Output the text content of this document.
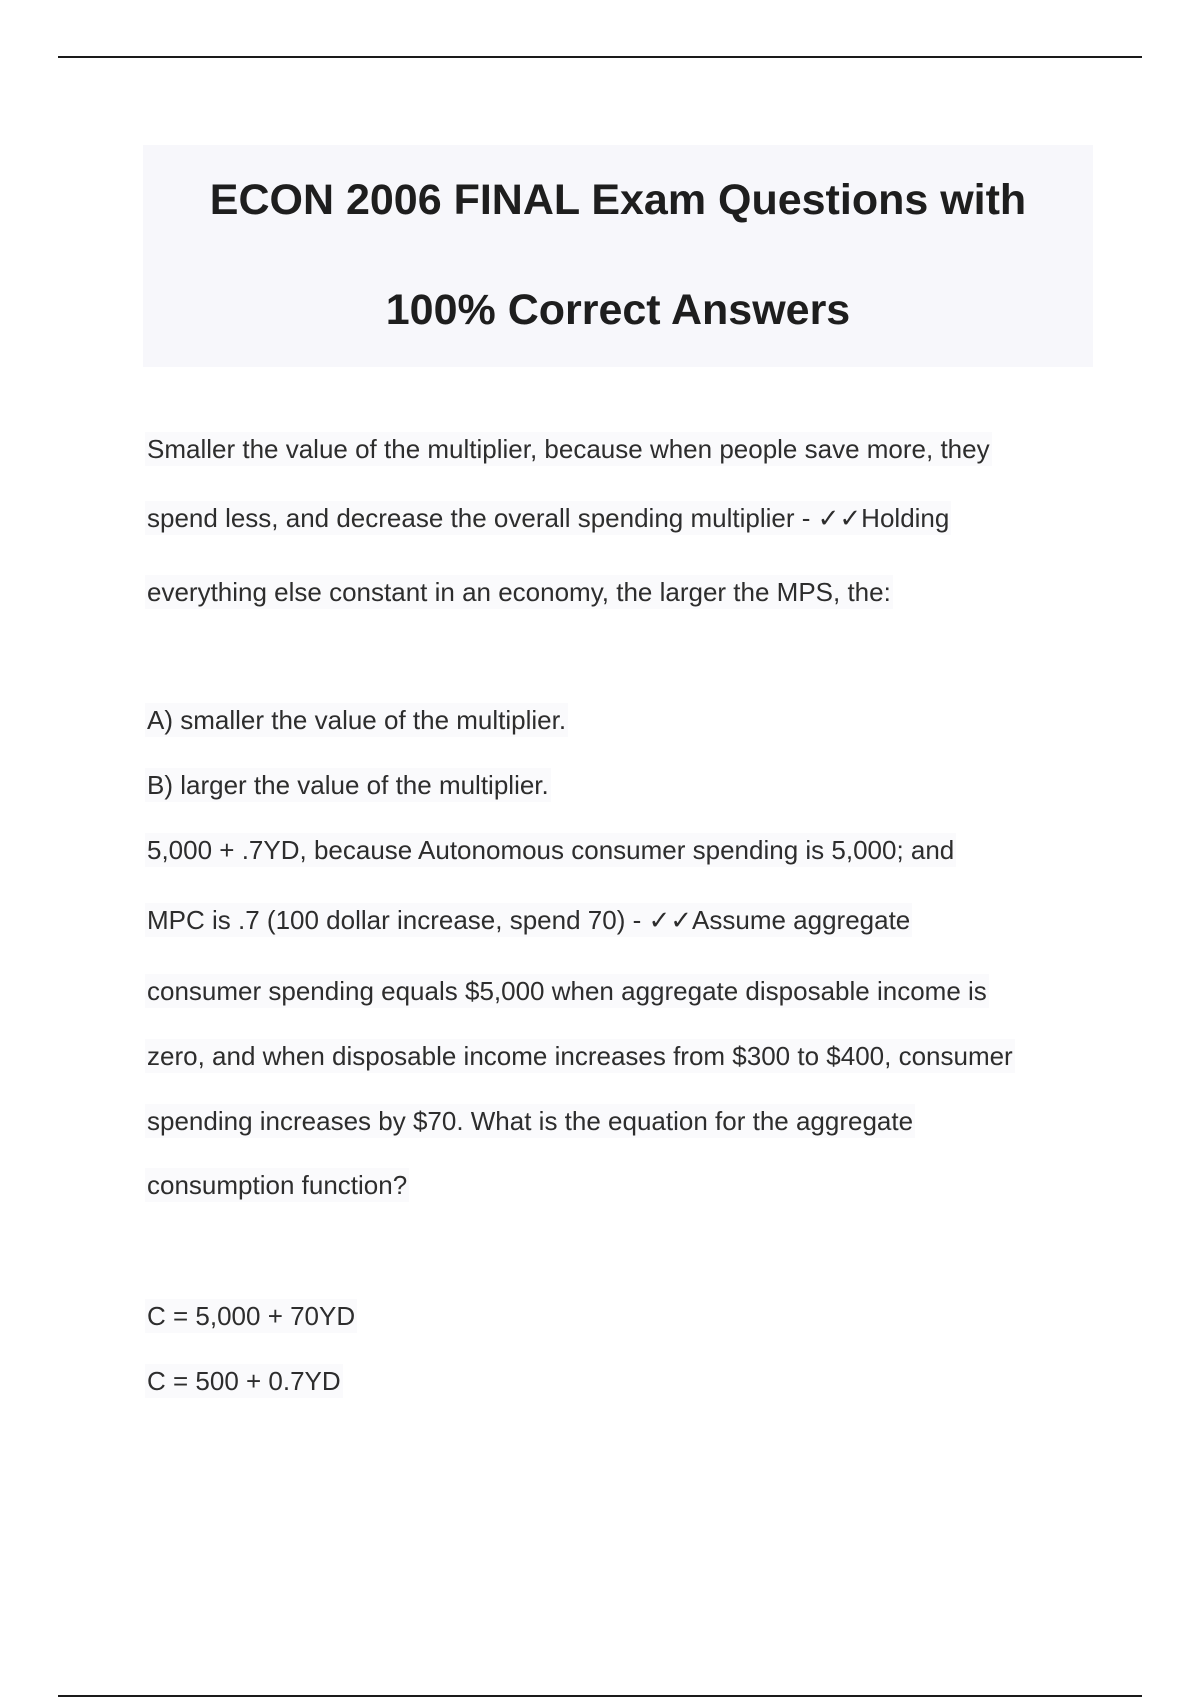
ECON 2006 FINAL Exam Questions with

100% Correct Answers

Smaller the value of the multiplier, because when people save more, they
spend less, and decrease the overall spending multiplier - ✓✓Holding
everything else constant in an economy, the larger the MPS, the:
A) smaller the value of the multiplier.
B) larger the value of the multiplier.
5,000 + .7YD, because Autonomous consumer spending is 5,000; and
MPC is .7 (100 dollar increase, spend 70) - ✓✓Assume aggregate
consumer spending equals $5,000 when aggregate disposable income is
zero, and when disposable income increases from $300 to $400, consumer
spending increases by $70. What is the equation for the aggregate
consumption function?
C = 5,000 + 70YD
C = 500 + 0.7YD
